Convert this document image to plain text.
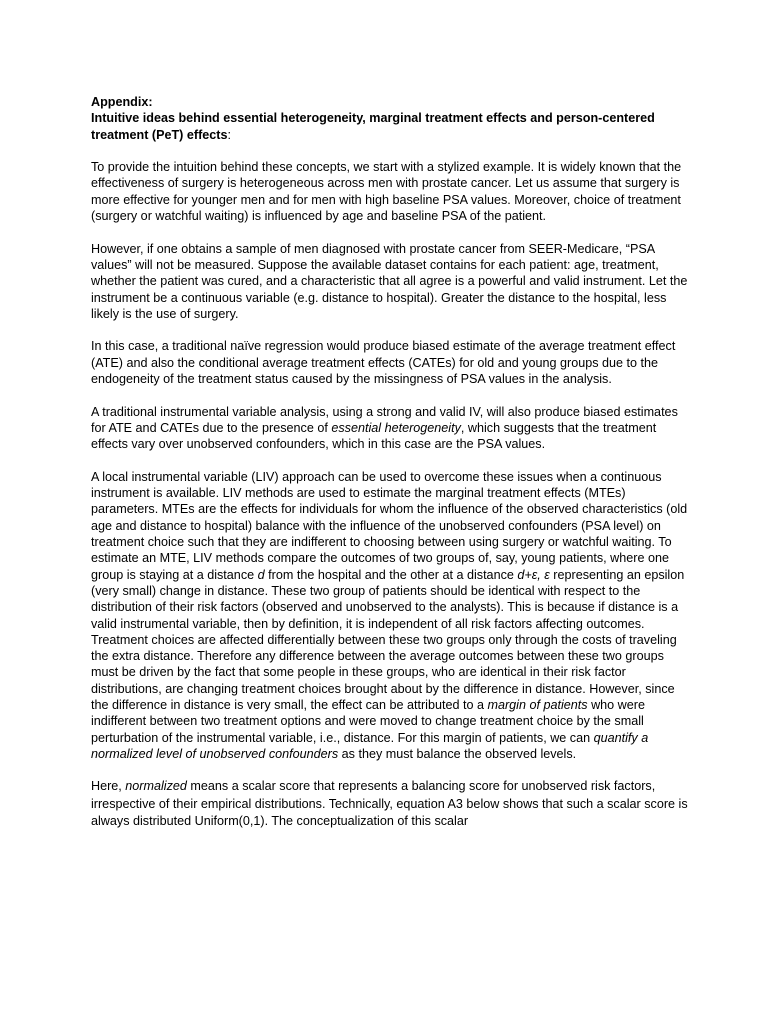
Appendix:
Intuitive ideas behind essential heterogeneity, marginal treatment effects and person-centered treatment (PeT) effects:

To provide the intuition behind these concepts, we start with a stylized example. It is widely known that the effectiveness of surgery is heterogeneous across men with prostate cancer. Let us assume that surgery is more effective for younger men and for men with high baseline PSA values. Moreover, choice of treatment (surgery or watchful waiting) is influenced by age and baseline PSA of the patient.

However, if one obtains a sample of men diagnosed with prostate cancer from SEER-Medicare, “PSA values” will not be measured. Suppose the available dataset contains for each patient: age, treatment, whether the patient was cured, and a characteristic that all agree is a powerful and valid instrument. Let the instrument be a continuous variable (e.g. distance to hospital). Greater the distance to the hospital, less likely is the use of surgery.

In this case, a traditional naïve regression would produce biased estimate of the average treatment effect (ATE) and also the conditional average treatment effects (CATEs) for old and young groups due to the endogeneity of the treatment status caused by the missingness of PSA values in the analysis.

A traditional instrumental variable analysis, using a strong and valid IV, will also produce biased estimates for ATE and CATEs due to the presence of essential heterogeneity, which suggests that the treatment effects vary over unobserved confounders, which in this case are the PSA values.

A local instrumental variable (LIV) approach can be used to overcome these issues when a continuous instrument is available. LIV methods are used to estimate the marginal treatment effects (MTEs) parameters. MTEs are the effects for individuals for whom the influence of the observed characteristics (old age and distance to hospital) balance with the influence of the unobserved confounders (PSA level) on treatment choice such that they are indifferent to choosing between using surgery or watchful waiting. To estimate an MTE, LIV methods compare the outcomes of two groups of, say, young patients, where one group is staying at a distance d from the hospital and the other at a distance d+ε, ε representing an epsilon (very small) change in distance. These two group of patients should be identical with respect to the distribution of their risk factors (observed and unobserved to the analysts). This is because if distance is a valid instrumental variable, then by definition, it is independent of all risk factors affecting outcomes. Treatment choices are affected differentially between these two groups only through the costs of traveling the extra distance. Therefore any difference between the average outcomes between these two groups must be driven by the fact that some people in these groups, who are identical in their risk factor distributions, are changing treatment choices brought about by the difference in distance. However, since the difference in distance is very small, the effect can be attributed to a margin of patients who were indifferent between two treatment options and were moved to change treatment choice by the small perturbation of the instrumental variable, i.e., distance. For this margin of patients, we can quantify a normalized level of unobserved confounders as they must balance the observed levels.

Here, normalized means a scalar score that represents a balancing score for unobserved risk factors, irrespective of their empirical distributions. Technically, equation A3 below shows that such a scalar score is always distributed Uniform(0,1). The conceptualization of this scalar
